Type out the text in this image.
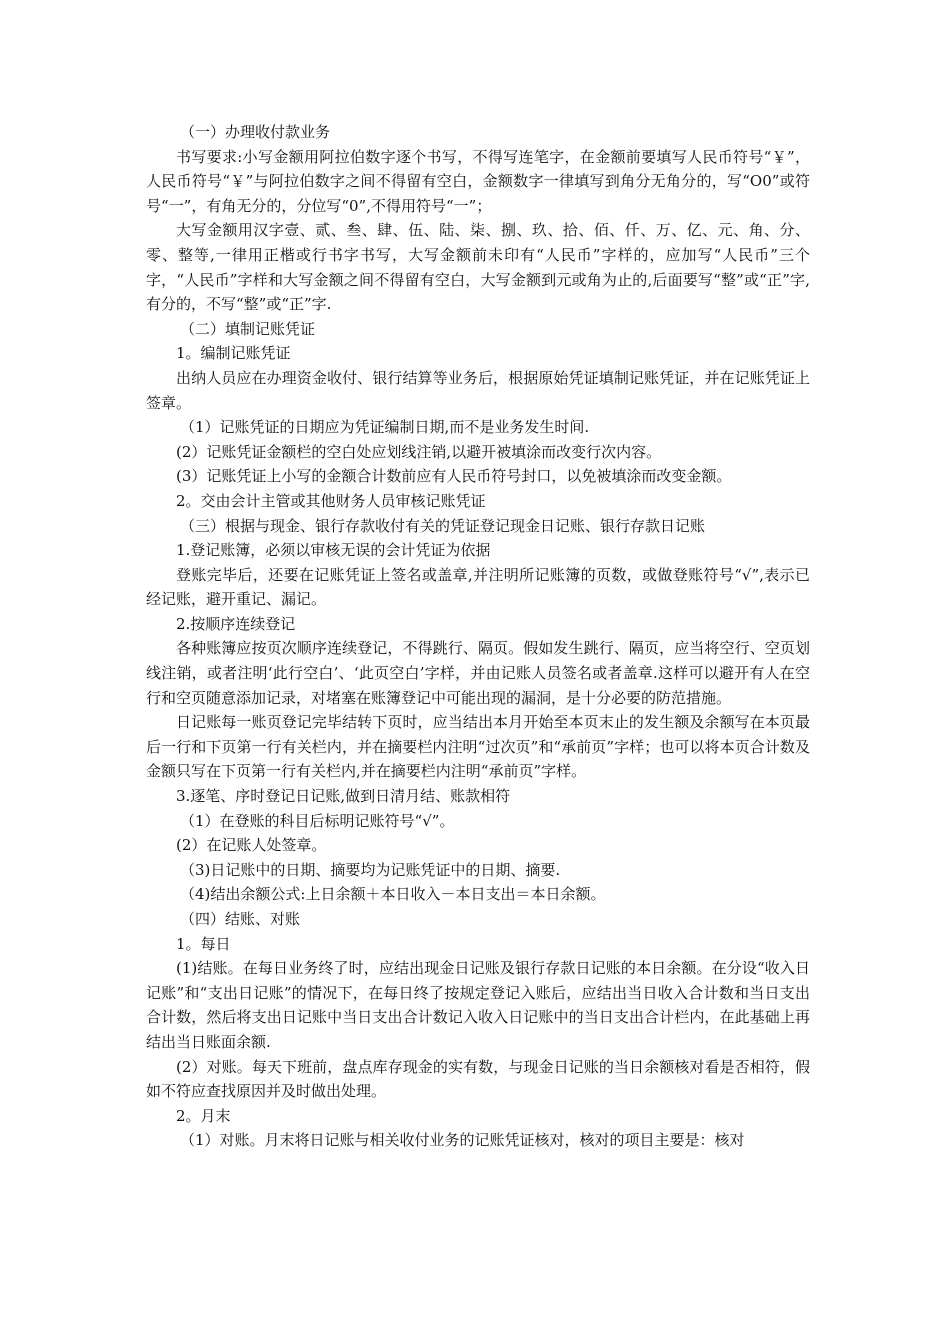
（一）办理收付款业务

书写要求:小写金额用阿拉伯数字逐个书写，不得写连笔字，在金额前要填写人民币符号“￥”，人民币符号“￥”与阿拉伯数字之间不得留有空白，金额数字一律填写到角分无角分的，写“O0”或符号“一”，有角无分的，分位写“0”,不得用符号“一”；

大写金额用汉字壹、贰、叁、肆、伍、陆、柒、捌、玖、拾、佰、仟、万、亿、元、角、分、零、整等,一律用正楷或行书字书写，大写金额前未印有“人民币”字样的，应加写“人民币”三个字，“人民币”字样和大写金额之间不得留有空白，大写金额到元或角为止的,后面要写“整”或“正”字,有分的，不写“整”或“正”字.

（二）填制记账凭证

1。编制记账凭证

出纳人员应在办理资金收付、银行结算等业务后，根据原始凭证填制记账凭证，并在记账凭证上签章。

（1）记账凭证的日期应为凭证编制日期,而不是业务发生时间.

(2）记账凭证金额栏的空白处应划线注销,以避开被填涂而改变行次内容。

(3）记账凭证上小写的金额合计数前应有人民币符号封口，以免被填涂而改变金额。

2。交由会计主管或其他财务人员审核记账凭证

（三）根据与现金、银行存款收付有关的凭证登记现金日记账、银行存款日记账

1.登记账簿，必须以审核无误的会计凭证为依据

登账完毕后，还要在记账凭证上签名或盖章,并注明所记账簿的页数，或做登账符号“√”,表示已经记账，避开重记、漏记。

2.按顺序连续登记

各种账簿应按页次顺序连续登记，不得跳行、隔页。假如发生跳行、隔页，应当将空行、空页划线注销，或者注明‘此行空白’、‘此页空白’字样，并由记账人员签名或者盖章.这样可以避开有人在空行和空页随意添加记录，对堵塞在账簿登记中可能出现的漏洞，是十分必要的防范措施。

日记账每一账页登记完毕结转下页时，应当结出本月开始至本页末止的发生额及余额写在本页最后一行和下页第一行有关栏内，并在摘要栏内注明“过次页”和“承前页”字样；也可以将本页合计数及金额只写在下页第一行有关栏内,并在摘要栏内注明“承前页”字样。

3.逐笔、序时登记日记账,做到日清月结、账款相符

（1）在登账的科目后标明记账符号“√”。

(2）在记账人处签章。

（3)日记账中的日期、摘要均为记账凭证中的日期、摘要.

（4)结出余额公式:上日余额＋本日收入－本日支出＝本日余额。

（四）结账、对账

1。每日

(1)结账。在每日业务终了时，应结出现金日记账及银行存款日记账的本日余额。在分设“收入日记账”和“支出日记账”的情况下，在每日终了按规定登记入账后，应结出当日收入合计数和当日支出合计数，然后将支出日记账中当日支出合计数记入收入日记账中的当日支出合计栏内，在此基础上再结出当日账面余额.

(2）对账。每天下班前，盘点库存现金的实有数，与现金日记账的当日余额核对看是否相符，假如不符应查找原因并及时做出处理。

2。月末

（1）对账。月末将日记账与相关收付业务的记账凭证核对，核对的项目主要是：核对
